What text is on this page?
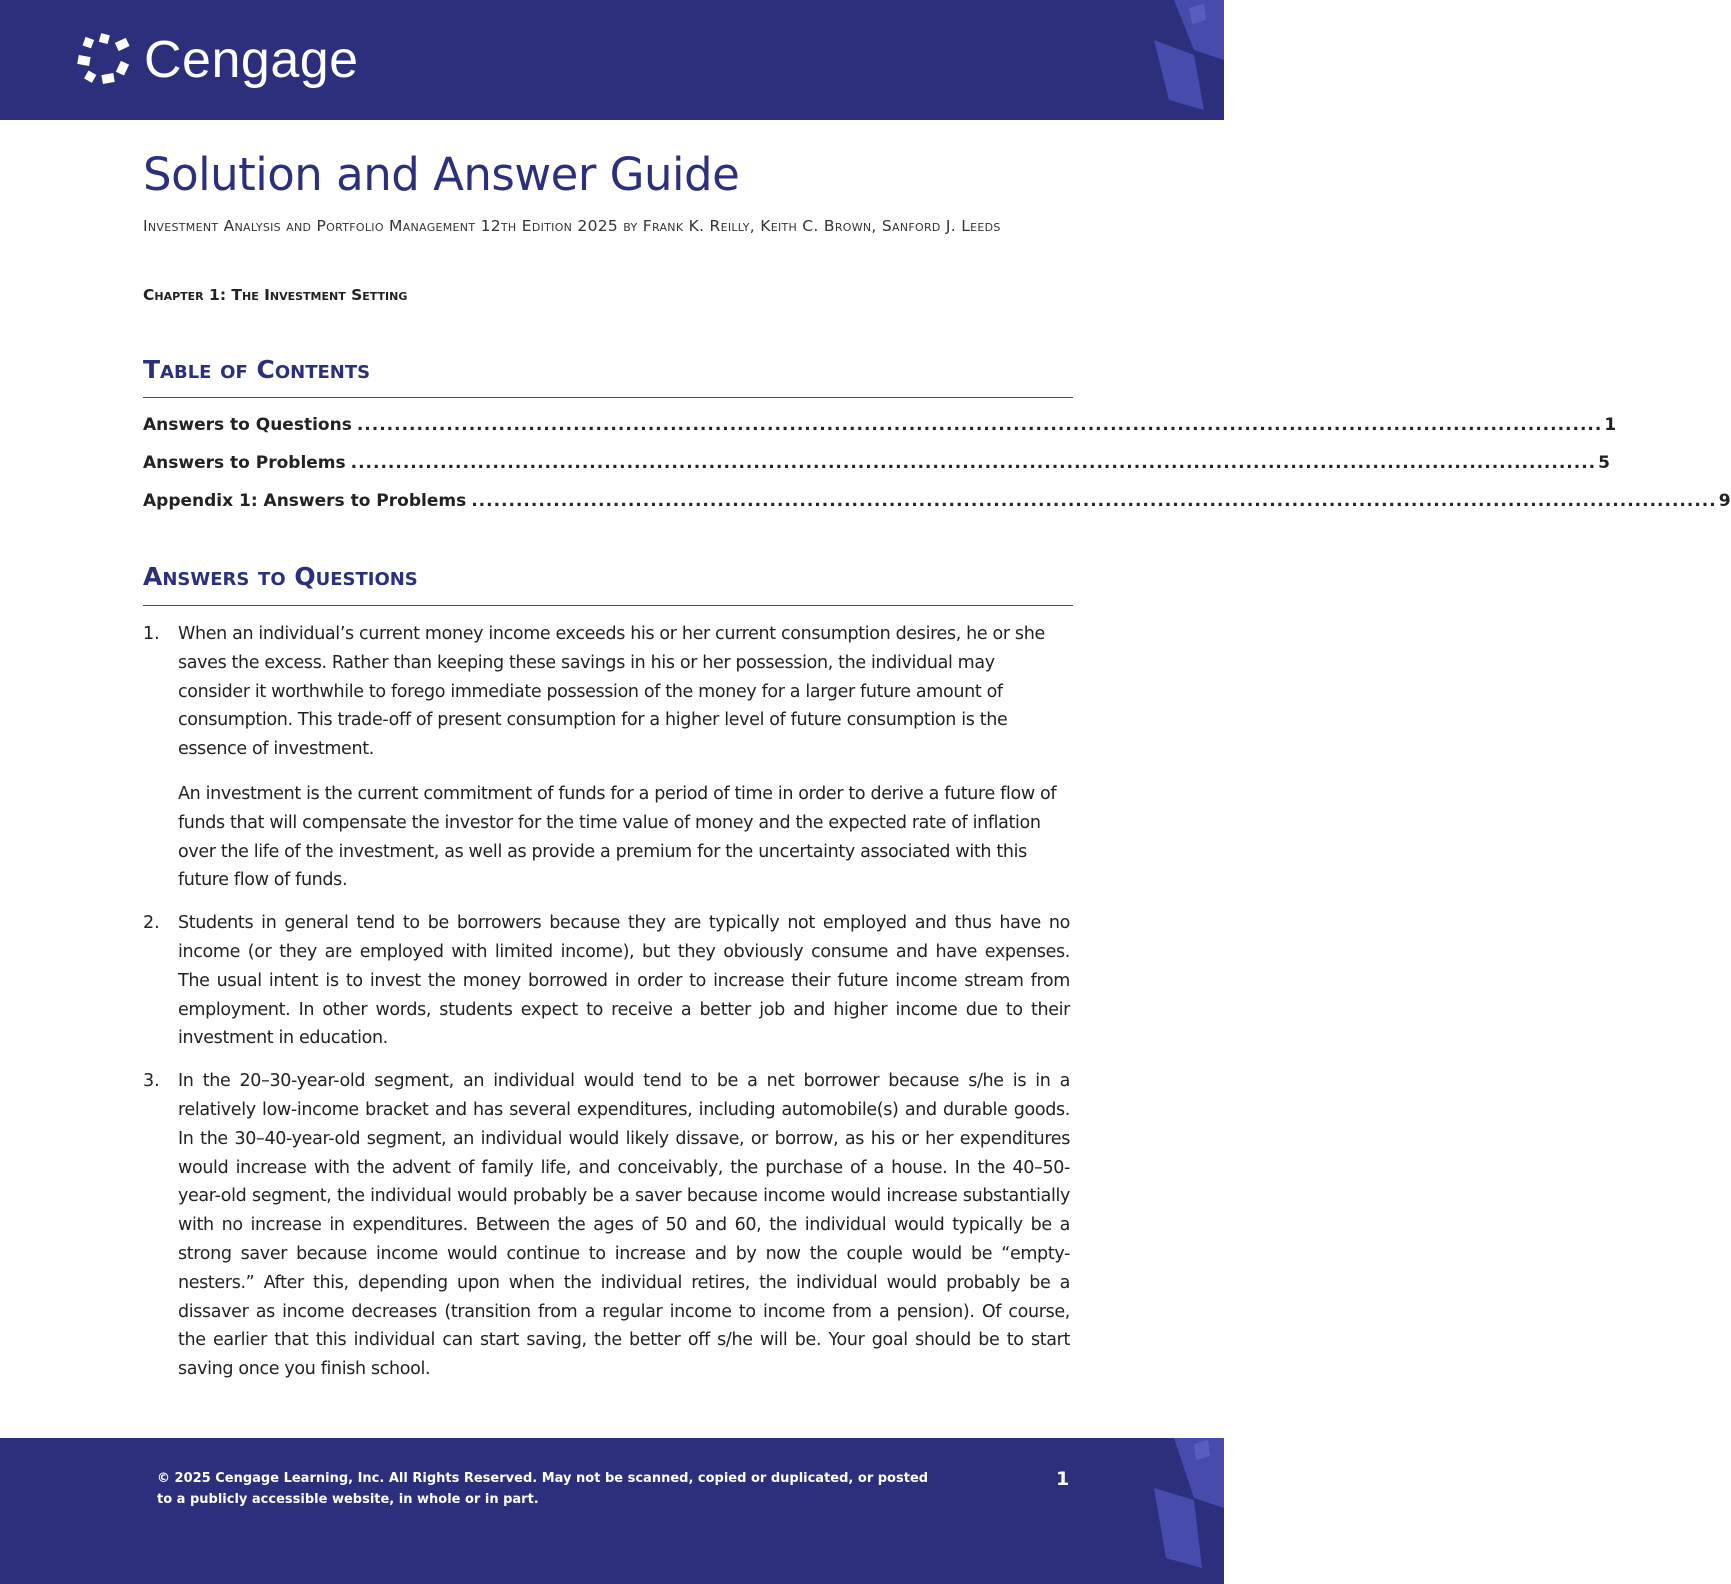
Cengage
Solution and Answer Guide
Investment Analysis and Portfolio Management 12th Edition 2025 by Frank K. Reilly, Keith C. Brown, Sanford J. Leeds
Chapter 1: The Investment Setting
Table of Contents
Answers to Questions ....................................................................................................................................................................... 1
Answers to Problems ....................................................................................................................................................................... 5
Appendix 1: Answers to Problems ....................................................................................................................................................................... 9
Answers to Questions
1. When an individual’s current money income exceeds his or her current consumption desires, he or she saves the excess. Rather than keeping these savings in his or her possession, the individual may consider it worthwhile to forego immediate possession of the money for a larger future amount of consumption. This trade-off of present consumption for a higher level of future consumption is the essence of investment.

An investment is the current commitment of funds for a period of time in order to derive a future flow of funds that will compensate the investor for the time value of money and the expected rate of inflation over the life of the investment, as well as provide a premium for the uncertainty associated with this future flow of funds.

2. Students in general tend to be borrowers because they are typically not employed and thus have no income (or they are employed with limited income), but they obviously consume and have expenses. The usual intent is to invest the money borrowed in order to increase their future income stream from employment. In other words, students expect to receive a better job and higher income due to their investment in education.

3. In the 20–30-year-old segment, an individual would tend to be a net borrower because s/he is in a relatively low-income bracket and has several expenditures, including automobile(s) and durable goods. In the 30–40-year-old segment, an individual would likely dissave, or borrow, as his or her expenditures would increase with the advent of family life, and conceivably, the purchase of a house. In the 40–50-year-old segment, the individual would probably be a saver because income would increase substantially with no increase in expenditures. Between the ages of 50 and 60, the individual would typically be a strong saver because income would continue to increase and by now the couple would be “empty-nesters.” After this, depending upon when the individual retires, the individual would probably be a dissaver as income decreases (transition from a regular income to income from a pension). Of course, the earlier that this individual can start saving, the better off s/he will be. Your goal should be to start saving once you finish school.

© 2025 Cengage Learning, Inc. All Rights Reserved. May not be scanned, copied or duplicated, or posted to a publicly accessible website, in whole or in part.
1
